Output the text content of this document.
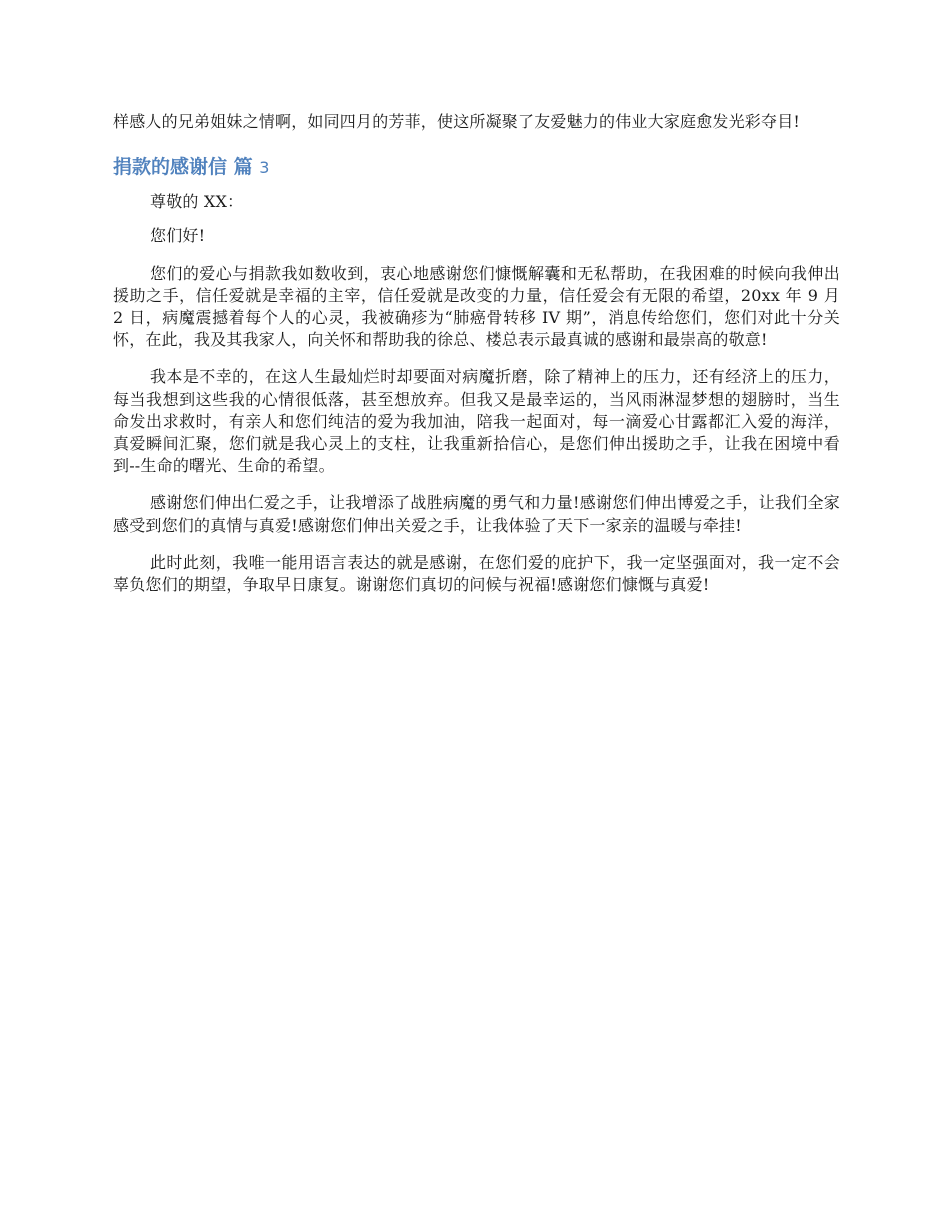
样感人的兄弟姐妹之情啊，如同四月的芳菲，使这所凝聚了友爱魅力的伟业大家庭愈发光彩夺目!

捐款的感谢信 篇 3

尊敬的 XX：

您们好!

您们的爱心与捐款我如数收到，衷心地感谢您们慷慨解囊和无私帮助，在我困难的时候向我伸出援助之手，信任爱就是幸福的主宰，信任爱就是改变的力量，信任爱会有无限的希望，20xx 年 9 月 2 日，病魔震撼着每个人的心灵，我被确疹为“肺癌骨转移 IV 期”，消息传给您们，您们对此十分关怀，在此，我及其我家人，向关怀和帮助我的徐总、楼总表示最真诚的感谢和最崇高的敬意!

我本是不幸的，在这人生最灿烂时却要面对病魔折磨，除了精神上的压力，还有经济上的压力，每当我想到这些我的心情很低落，甚至想放弃。但我又是最幸运的，当风雨淋湿梦想的翅膀时，当生命发出求救时，有亲人和您们纯洁的爱为我加油，陪我一起面对，每一滴爱心甘露都汇入爱的海洋，真爱瞬间汇聚，您们就是我心灵上的支柱，让我重新拾信心，是您们伸出援助之手，让我在困境中看到--生命的曙光、生命的希望。

感谢您们伸出仁爱之手，让我增添了战胜病魔的勇气和力量!感谢您们伸出博爱之手，让我们全家感受到您们的真情与真爱!感谢您们伸出关爱之手，让我体验了天下一家亲的温暖与牵挂!

此时此刻，我唯一能用语言表达的就是感谢，在您们爱的庇护下，我一定坚强面对，我一定不会辜负您们的期望，争取早日康复。谢谢您们真切的问候与祝福!感谢您们慷慨与真爱!
